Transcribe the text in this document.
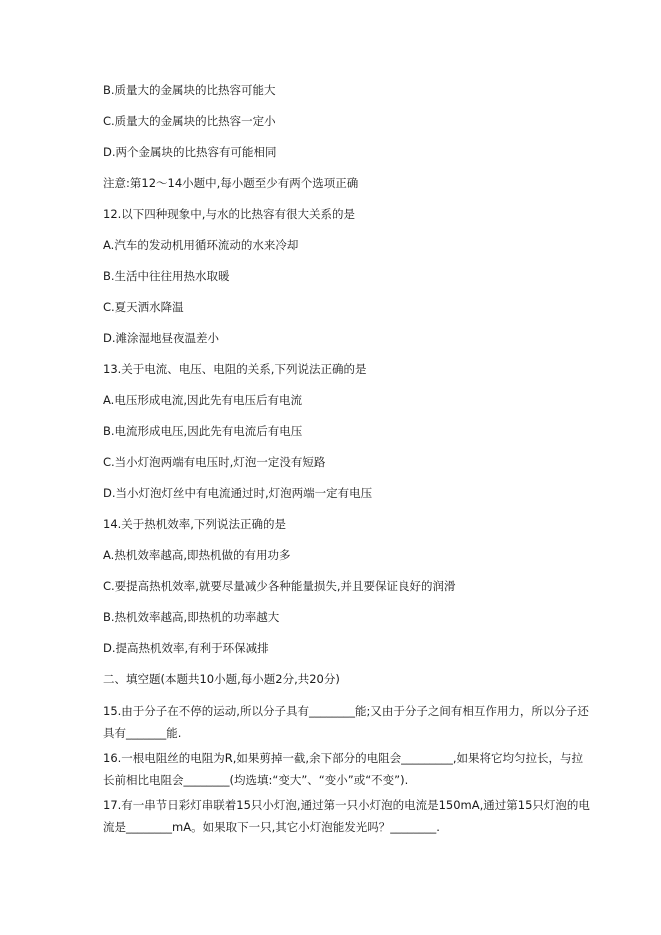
B.质量大的金属块的比热容可能大
C.质量大的金属块的比热容一定小
D.两个金属块的比热容有可能相同
注意:第12～14小题中,每小题至少有两个选项正确
12.以下四种现象中,与水的比热容有很大关系的是
A.汽车的发动机用循环流动的水来冷却
B.生活中往往用热水取暖
C.夏天洒水降温
D.滩涂湿地昼夜温差小
13.关于电流、电压、电阻的关系,下列说法正确的是
A.电压形成电流,因此先有电压后有电流
B.电流形成电压,因此先有电流后有电压
C.当小灯泡两端有电压时,灯泡一定没有短路
D.当小灯泡灯丝中有电流通过时,灯泡两端一定有电压
14.关于热机效率,下列说法正确的是
A.热机效率越高,即热机做的有用功多
C.要提高热机效率,就要尽量减少各种能量损失,并且要保证良好的润滑
B.热机效率越高,即热机的功率越大
D.提高热机效率,有利于环保减排
二、填空题(本题共10小题,每小题2分,共20分)
15.由于分子在不停的运动,所以分子具有________能;又由于分子之间有相互作用力，所以分子还具有_______能.
16.一根电阻丝的电阻为R,如果剪掉一截,余下部分的电阻会_________,如果将它均匀拉长，与拉长前相比电阻会________(均选填:“变大”、“变小”或“不变”).
17.有一串节日彩灯串联着15只小灯泡,通过第一只小灯泡的电流是150mA,通过第15只灯泡的电流是________mA。如果取下一只,其它小灯泡能发光吗？________.
